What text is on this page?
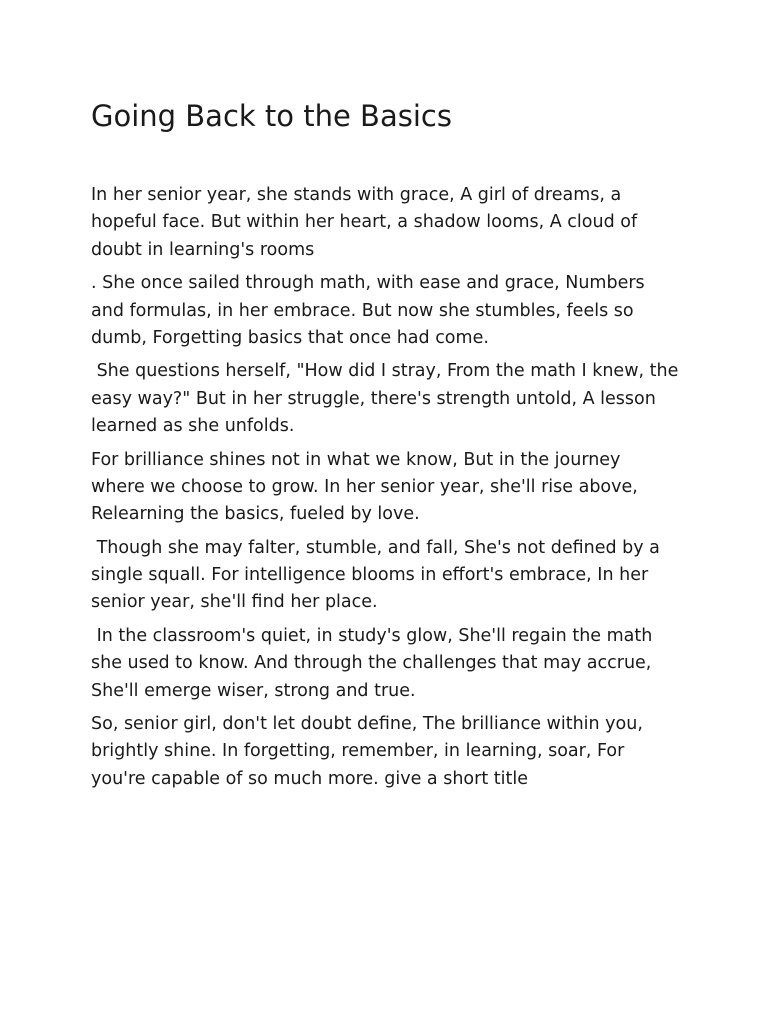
Going Back to the Basics

In her senior year, she stands with grace, A girl of dreams, a
hopeful face. But within her heart, a shadow looms, A cloud of
doubt in learning's rooms

. She once sailed through math, with ease and grace, Numbers
and formulas, in her embrace. But now she stumbles, feels so
dumb, Forgetting basics that once had come.

She questions herself, "How did I stray, From the math I knew, the
easy way?" But in her struggle, there's strength untold, A lesson
learned as she unfolds.

For brilliance shines not in what we know, But in the journey
where we choose to grow. In her senior year, she'll rise above,
Relearning the basics, fueled by love.

Though she may falter, stumble, and fall, She's not defined by a
single squall. For intelligence blooms in effort's embrace, In her
senior year, she'll find her place.

In the classroom's quiet, in study's glow, She'll regain the math
she used to know. And through the challenges that may accrue,
She'll emerge wiser, strong and true.

So, senior girl, don't let doubt define, The brilliance within you,
brightly shine. In forgetting, remember, in learning, soar, For
you're capable of so much more. give a short title
